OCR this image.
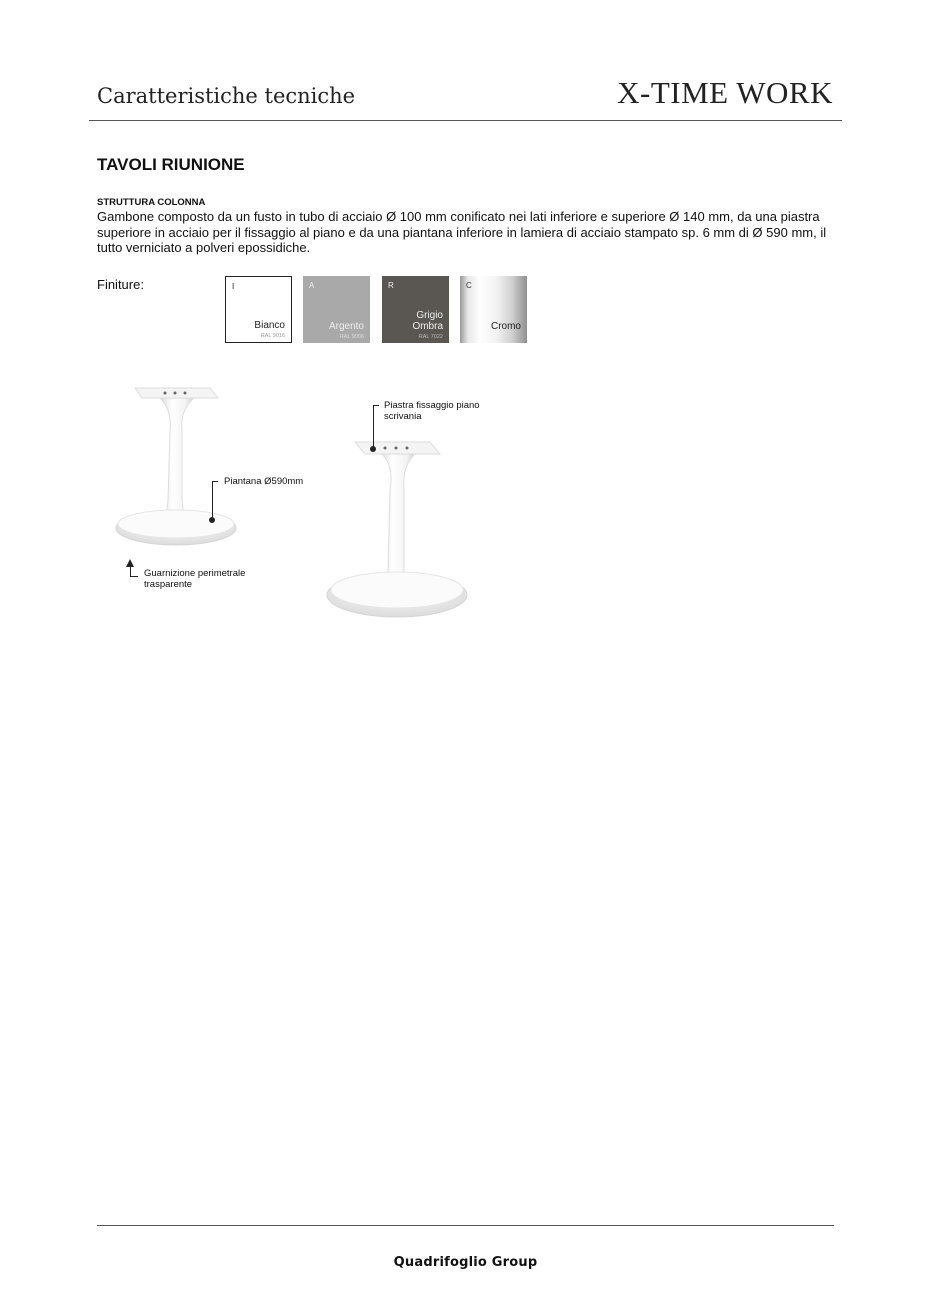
Caratteristiche tecniche	X-TIME WORK
TAVOLI RIUNIONE
STRUTTURA COLONNA
Gambone composto da un fusto in tubo di acciaio Ø 100 mm conificato nei lati inferiore e superiore Ø 140 mm, da una piastra superiore in acciaio per il fissaggio al piano e da una piantana inferiore in lamiera di acciaio stampato sp. 6 mm di Ø 590 mm, il tutto verniciato a polveri epossidiche.
Finiture:	I
Bianco
RAL 9016
A
Argento
RAL 9006
R
Grigio Ombra
RAL 7022
C
Cromo
Piantana Ø590mm
Guarnizione perimetrale trasparente
Piastra fissaggio piano scrivania
Quadrifoglio Group
